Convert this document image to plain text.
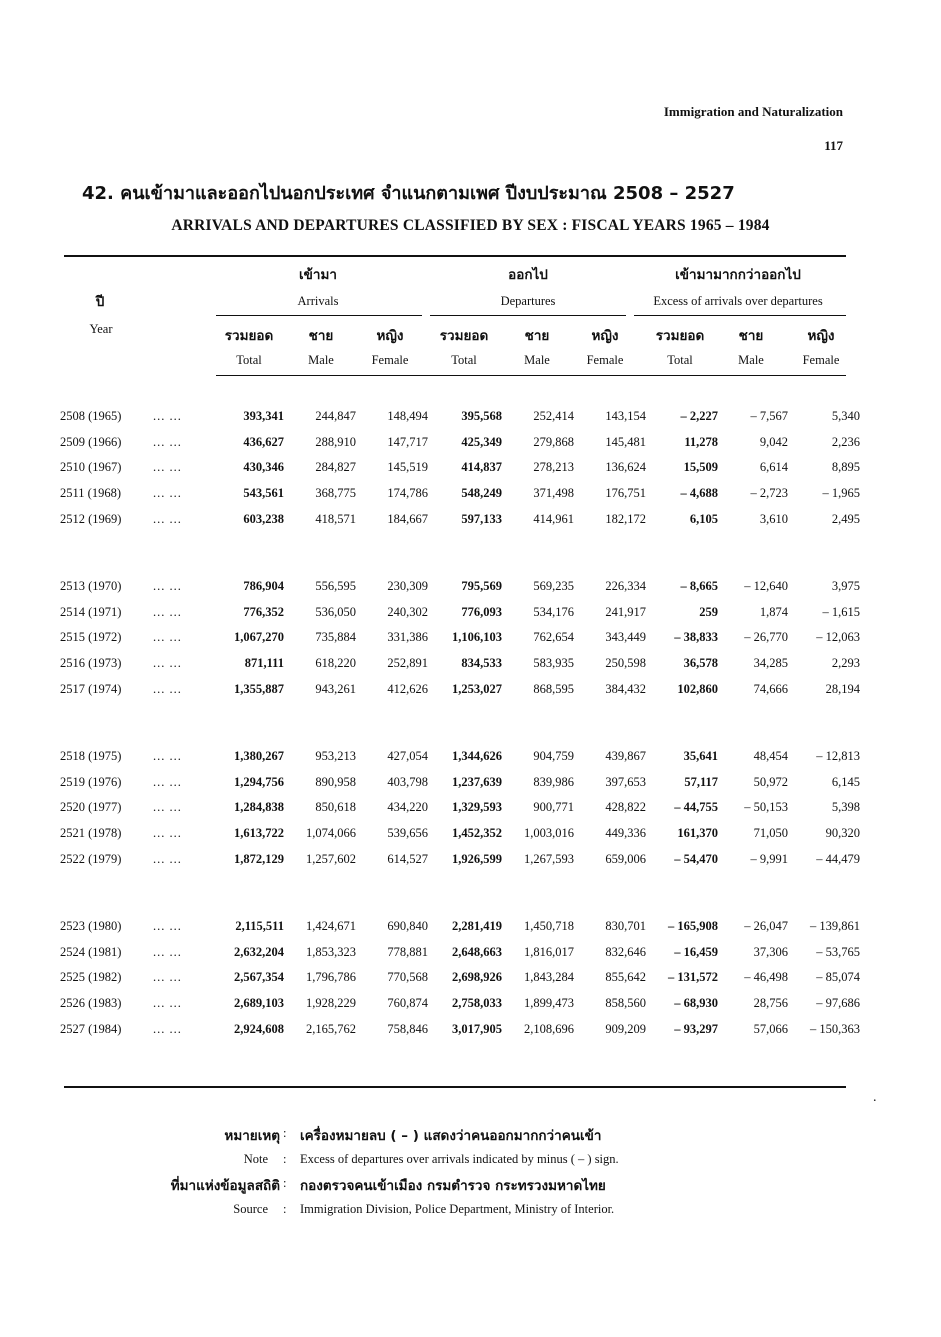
Immigration and Naturalization
117
42. คนเข้ามาและออกไปนอกประเทศ จำแนกตามเพศ ปีงบประมาณ 2508 – 2527
ARRIVALS AND DEPARTURES CLASSIFIED BY SEX : FISCAL YEARS 1965 – 1984
ปี
Year
เข้ามา
Arrivals
ออกไป
Departures
เข้ามามากกว่าออกไป
Excess of arrivals over departures
รวมยอด
Total
ชาย
Male
หญิง
Female
รวมยอด
Total
ชาย
Male
หญิง
Female
รวมยอด
Total
ชาย
Male
หญิง
Female
2508 (1965)	... ...	393,341	244,847	148,494	395,568	252,414	143,154	– 2,227	– 7,567	5,340
2509 (1966)	... ...	436,627	288,910	147,717	425,349	279,868	145,481	11,278	9,042	2,236
2510 (1967)	... ...	430,346	284,827	145,519	414,837	278,213	136,624	15,509	6,614	8,895
2511 (1968)	... ...	543,561	368,775	174,786	548,249	371,498	176,751	– 4,688	– 2,723	– 1,965
2512 (1969)	... ...	603,238	418,571	184,667	597,133	414,961	182,172	6,105	3,610	2,495

2513 (1970)	... ...	786,904	556,595	230,309	795,569	569,235	226,334	– 8,665	– 12,640	3,975
2514 (1971)	... ...	776,352	536,050	240,302	776,093	534,176	241,917	259	1,874	– 1,615
2515 (1972)	... ...	1,067,270	735,884	331,386	1,106,103	762,654	343,449	– 38,833	– 26,770	– 12,063
2516 (1973)	... ...	871,111	618,220	252,891	834,533	583,935	250,598	36,578	34,285	2,293
2517 (1974)	... ...	1,355,887	943,261	412,626	1,253,027	868,595	384,432	102,860	74,666	28,194

2518 (1975)	... ...	1,380,267	953,213	427,054	1,344,626	904,759	439,867	35,641	48,454	– 12,813
2519 (1976)	... ...	1,294,756	890,958	403,798	1,237,639	839,986	397,653	57,117	50,972	6,145
2520 (1977)	... ...	1,284,838	850,618	434,220	1,329,593	900,771	428,822	– 44,755	– 50,153	5,398
2521 (1978)	... ...	1,613,722	1,074,066	539,656	1,452,352	1,003,016	449,336	161,370	71,050	90,320
2522 (1979)	... ...	1,872,129	1,257,602	614,527	1,926,599	1,267,593	659,006	– 54,470	– 9,991	– 44,479

2523 (1980)	... ...	2,115,511	1,424,671	690,840	2,281,419	1,450,718	830,701	– 165,908	– 26,047	– 139,861
2524 (1981)	... ...	2,632,204	1,853,323	778,881	2,648,663	1,816,017	832,646	– 16,459	37,306	– 53,765
2525 (1982)	... ...	2,567,354	1,796,786	770,568	2,698,926	1,843,284	855,642	– 131,572	– 46,498	– 85,074
2526 (1983)	... ...	2,689,103	1,928,229	760,874	2,758,033	1,899,473	858,560	– 68,930	28,756	– 97,686
2527 (1984)	... ...	2,924,608	2,165,762	758,846	3,017,905	2,108,696	909,209	– 93,297	57,066	– 150,363
.
หมายเหตุ : เครื่องหมายลบ ( – ) แสดงว่าคนออกมากกว่าคนเข้า
Note : Excess of departures over arrivals indicated by minus ( – ) sign.
ที่มาแห่งข้อมูลสถิติ : กองตรวจคนเข้าเมือง กรมตำรวจ กระทรวงมหาดไทย
Source : Immigration Division, Police Department, Ministry of Interior.
